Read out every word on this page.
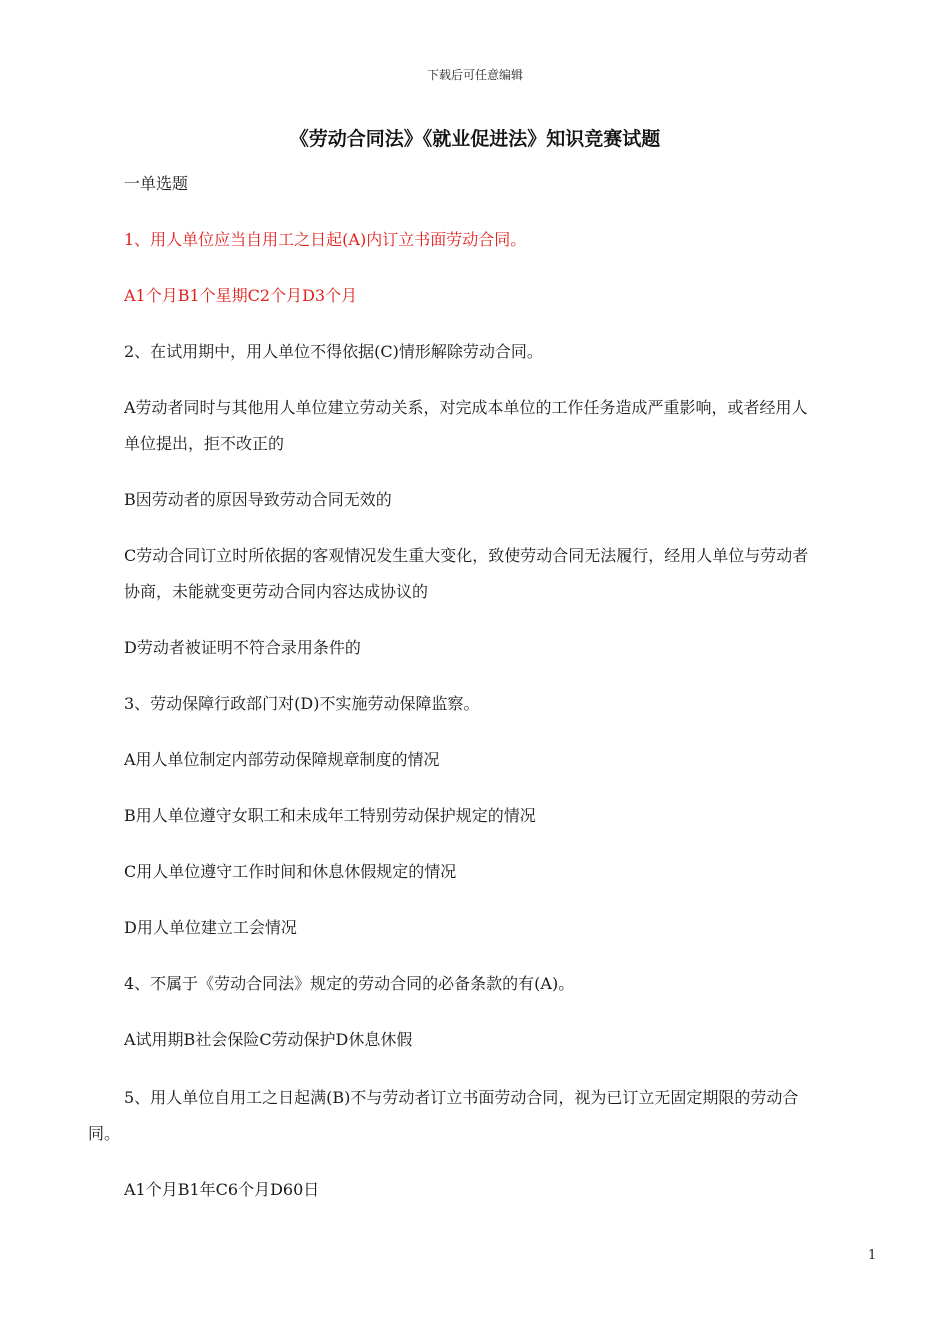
下载后可任意编辑
《劳动合同法》《就业促进法》知识竞赛试题
一单选题
1、用人单位应当自用工之日起(A)内订立书面劳动合同。
A1个月B1个星期C2个月D3个月
2、在试用期中，用人单位不得依据(C)情形解除劳动合同。
A劳动者同时与其他用人单位建立劳动关系，对完成本单位的工作任务造成严重影响，或者经用人
单位提出，拒不改正的
B因劳动者的原因导致劳动合同无效的
C劳动合同订立时所依据的客观情况发生重大变化，致使劳动合同无法履行，经用人单位与劳动者
协商，未能就变更劳动合同内容达成协议的
D劳动者被证明不符合录用条件的
3、劳动保障行政部门对(D)不实施劳动保障监察。
A用人单位制定内部劳动保障规章制度的情况
B用人单位遵守女职工和未成年工特别劳动保护规定的情况
C用人单位遵守工作时间和休息休假规定的情况
D用人单位建立工会情况
4、不属于《劳动合同法》规定的劳动合同的必备条款的有(A)。
A试用期B社会保险C劳动保护D休息休假
5、用人单位自用工之日起满(B)不与劳动者订立书面劳动合同，视为已订立无固定期限的劳动合
同。
A1个月B1年C6个月D60日
1
